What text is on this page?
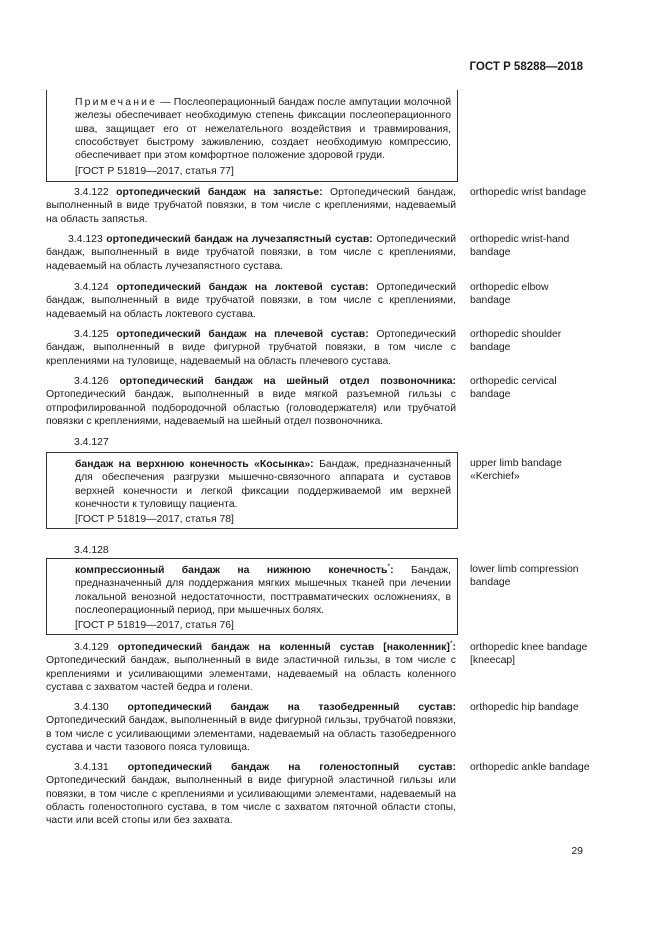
ГОСТ Р 58288—2018

Примечание — Послеоперационный бандаж после ампутации молочной железы обеспечивает необходимую степень фиксации послеоперационного шва, защищает его от нежелательного воздействия и травмирования, способствует быстрому заживлению, создает необходимую компрессию, обеспечивает при этом комфортное положение здоровой груди.

[ГОСТ Р 51819—2017, статья 77]

3.4.122 ортопедический бандаж на запястье: Ортопедический бандаж, выполненный в виде трубчатой повязки, в том числе с креплениями, надеваемый на область запястья.
orthopedic wrist bandage
3.4.123 ортопедический бандаж на лучезапястный сустав: Ортопедический бандаж, выполненный в виде трубчатой повязки, в том числе с креплениями, надеваемый на область лучезапястного сустава.
orthopedic wrist-hand bandage
3.4.124 ортопедический бандаж на локтевой сустав: Ортопедический бандаж, выполненный в виде трубчатой повязки, в том числе с креплениями, надеваемый на область локтевого сустава.
orthopedic elbow bandage
3.4.125 ортопедический бандаж на плечевой сустав: Ортопедический бандаж, выполненный в виде фигурной трубчатой повязки, в том числе с креплениями на туловище, надеваемый на область плечевого сустава.
orthopedic shoulder bandage
3.4.126 ортопедический бандаж на шейный отдел позвоночника: Ортопедический бандаж, выполненный в виде мягкой разъемной гильзы с отпрофилированной подбородочной областью (головодержателя) или трубчатой повязки с креплениями, надеваемый на шейный отдел позвоночника.
orthopedic cervical bandage
3.4.127

бандаж на верхнюю конечность «Косынка»: Бандаж, предназначенный для обеспечения разгрузки мышечно-связочного аппарата и суставов верхней конечности и легкой фиксации поддерживаемой им верхней конечности к туловищу пациента.

[ГОСТ Р 51819—2017, статья 78]

upper limb bandage «Kerchief»
3.4.128

компрессионный бандаж на нижнюю конечность*: Бандаж, предназначенный для поддержания мягких мышечных тканей при лечении локальной венозной недостаточности, посттравматических осложнениях, в послеоперационный период, при мышечных болях.

[ГОСТ Р 51819—2017, статья 76]

lower limb compression bandage
3.4.129 ортопедический бандаж на коленный сустав [наколенник]*: Ортопедический бандаж, выполненный в виде эластичной гильзы, в том числе с креплениями и усиливающими элементами, надеваемый на область коленного сустава с захватом частей бедра и голени.
orthopedic knee bandage [kneecap]
3.4.130 ортопедический бандаж на тазобедренный сустав: Ортопедический бандаж, выполненный в виде фигурной гильзы, трубчатой повязки, в том числе с усиливающими элементами, надеваемый на область тазобедренного сустава и части тазового пояса туловища.
orthopedic hip bandage
3.4.131 ортопедический бандаж на голеностопный сустав: Ортопедический бандаж, выполненный в виде фигурной эластичной гильзы или повязки, в том числе с креплениями и усиливающими элементами, надеваемый на область голеностопного сустава, в том числе с захватом пяточной области стопы, части или всей стопы или без захвата.
orthopedic ankle bandage
29
